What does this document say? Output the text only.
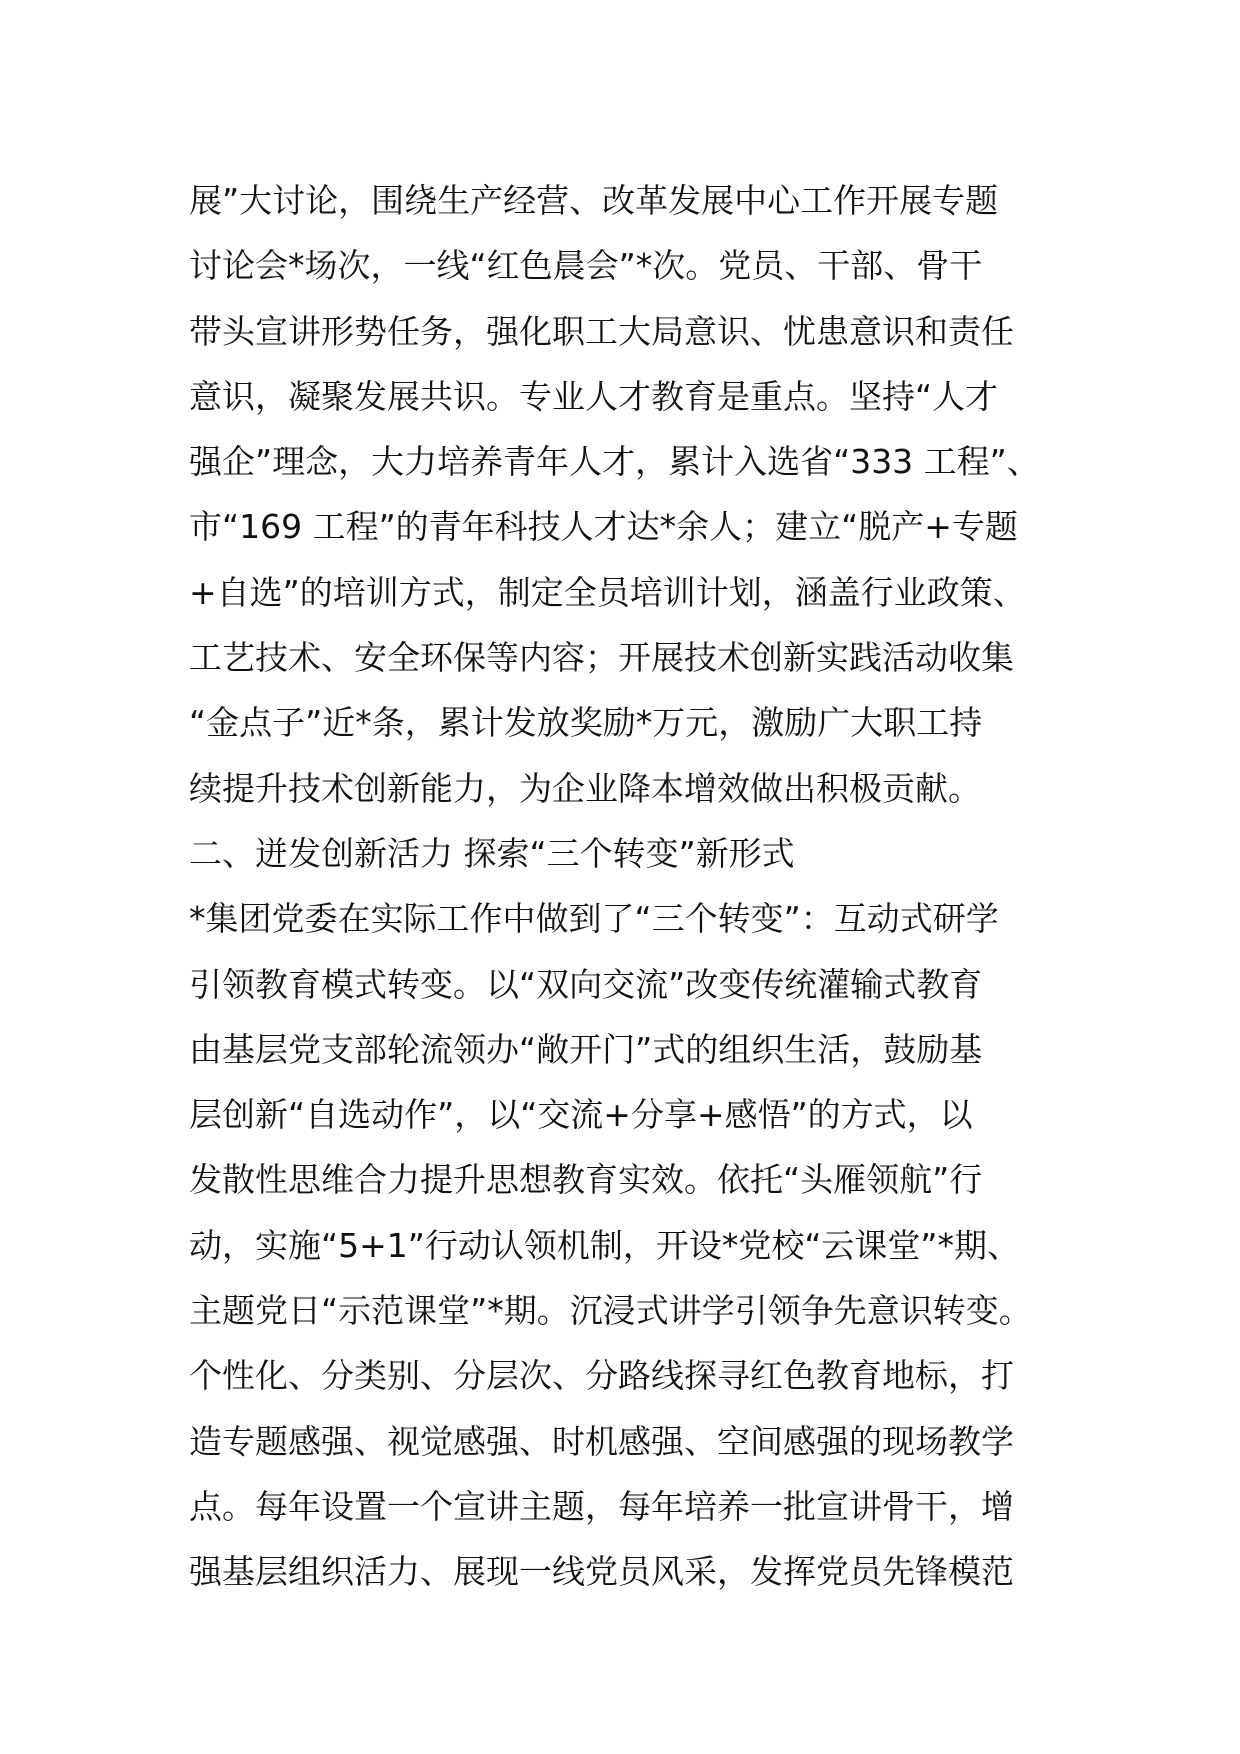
展”大讨论，围绕生产经营、改革发展中心工作开展专题
讨论会*场次，一线“红色晨会”*次。党员、干部、骨干
带头宣讲形势任务，强化职工大局意识、忧患意识和责任
意识，凝聚发展共识。专业人才教育是重点。坚持“人才
强企”理念，大力培养青年人才，累计入选省“333 工程”、
市“169 工程”的青年科技人才达*余人；建立“脱产+专题
+自选”的培训方式，制定全员培训计划，涵盖行业政策、
工艺技术、安全环保等内容；开展技术创新实践活动收集
“金点子”近*条，累计发放奖励*万元，激励广大职工持
续提升技术创新能力，为企业降本增效做出积极贡献。
二、迸发创新活力 探索“三个转变”新形式
*集团党委在实际工作中做到了“三个转变”：互动式研学
引领教育模式转变。以“双向交流”改变传统灌输式教育
由基层党支部轮流领办“敞开门”式的组织生活，鼓励基
层创新“自选动作”，以“交流+分享+感悟”的方式，以
发散性思维合力提升思想教育实效。依托“头雁领航”行
动，实施“5+1”行动认领机制，开设*党校“云课堂”*期、
主题党日“示范课堂”*期。沉浸式讲学引领争先意识转变。
个性化、分类别、分层次、分路线探寻红色教育地标，打
造专题感强、视觉感强、时机感强、空间感强的现场教学
点。每年设置一个宣讲主题，每年培养一批宣讲骨干，增
强基层组织活力、展现一线党员风采，发挥党员先锋模范
